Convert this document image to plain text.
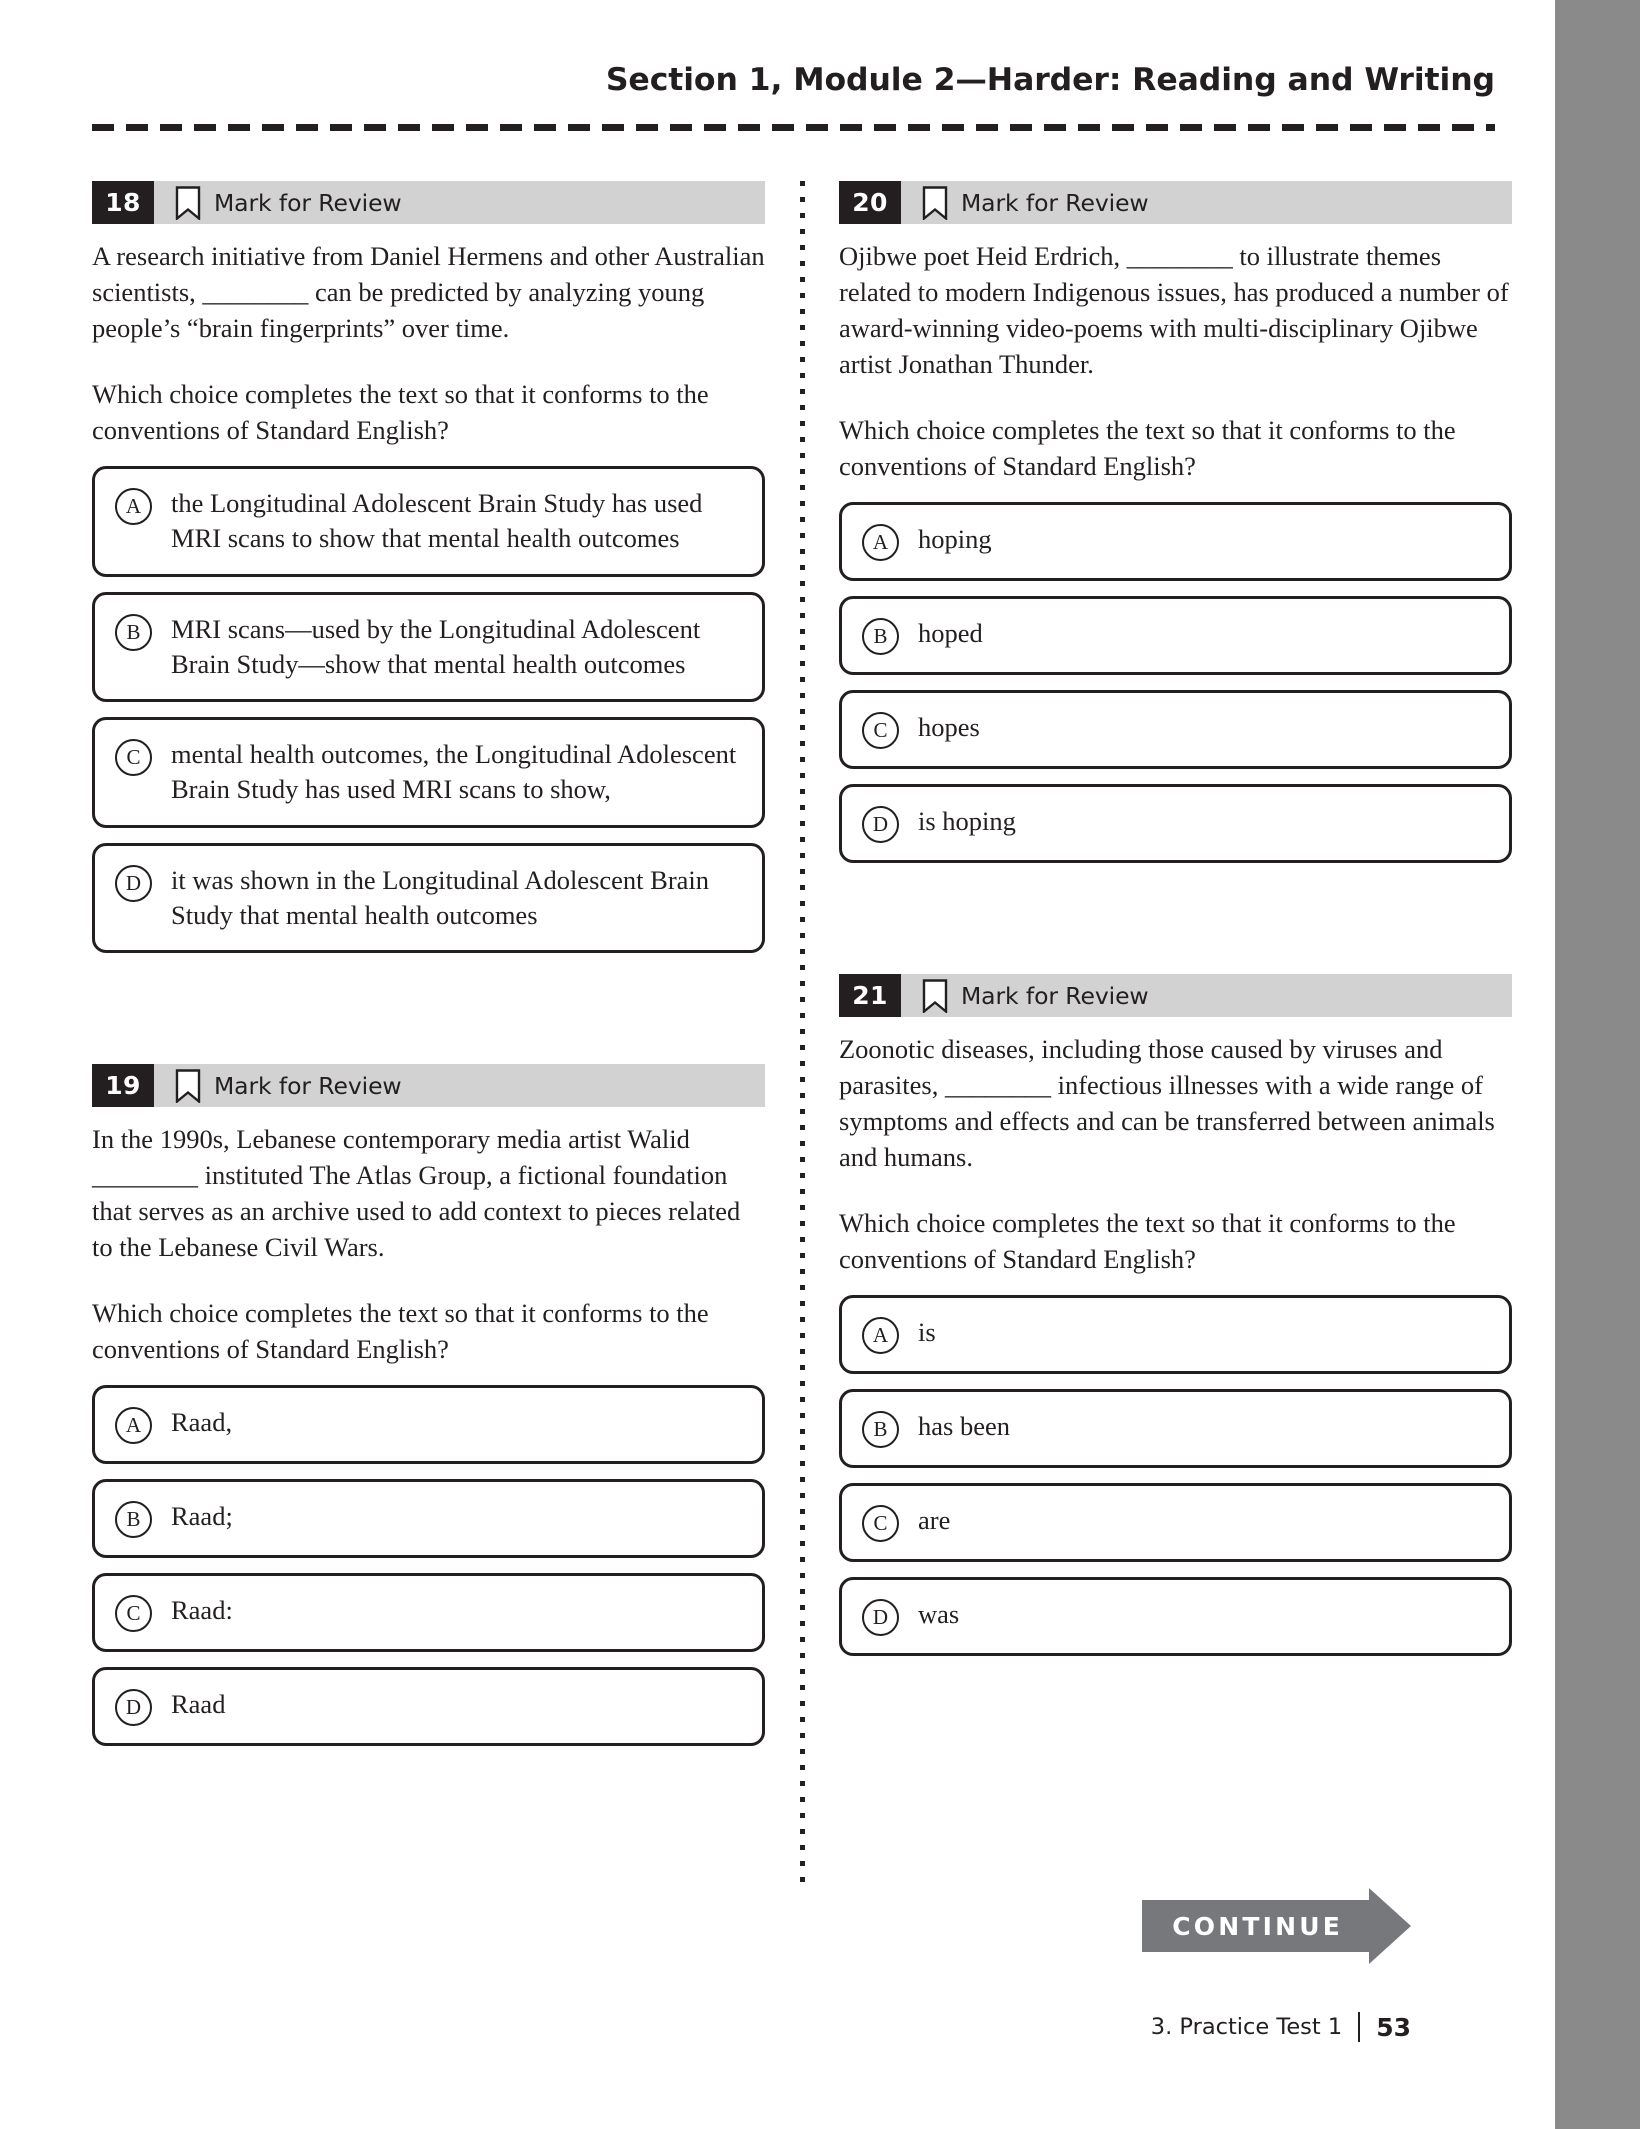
Section 1, Module 2—Harder: Reading and Writing
18	Mark for Review

A research initiative from Daniel Hermens and other Australian scientists, ________ can be predicted by analyzing young people’s “brain fingerprints” over time.

Which choice completes the text so that it conforms to the conventions of Standard English?

A	the Longitudinal Adolescent Brain Study has used MRI scans to show that mental health outcomes
B	MRI scans—used by the Longitudinal Adolescent Brain Study—show that mental health outcomes
C	mental health outcomes, the Longitudinal Adolescent Brain Study has used MRI scans to show,
D	it was shown in the Longitudinal Adolescent Brain Study that mental health outcomes
19	Mark for Review

In the 1990s, Lebanese contemporary media artist Walid ________ instituted The Atlas Group, a fictional foundation that serves as an archive used to add context to pieces related to the Lebanese Civil Wars.

Which choice completes the text so that it conforms to the conventions of Standard English?

A	Raad,
B	Raad;
C	Raad:
D	Raad
20	Mark for Review

Ojibwe poet Heid Erdrich, ________ to illustrate themes related to modern Indigenous issues, has produced a number of award-winning video-poems with multi-disciplinary Ojibwe artist Jonathan Thunder.

Which choice completes the text so that it conforms to the conventions of Standard English?

A	hoping
B	hoped
C	hopes
D	is hoping
21	Mark for Review

Zoonotic diseases, including those caused by viruses and parasites, ________ infectious illnesses with a wide range of symptoms and effects and can be transferred between animals and humans.

Which choice completes the text so that it conforms to the conventions of Standard English?

A	is
B	has been
C	are
D	was
CONTINUE
3. Practice Test 1 53
